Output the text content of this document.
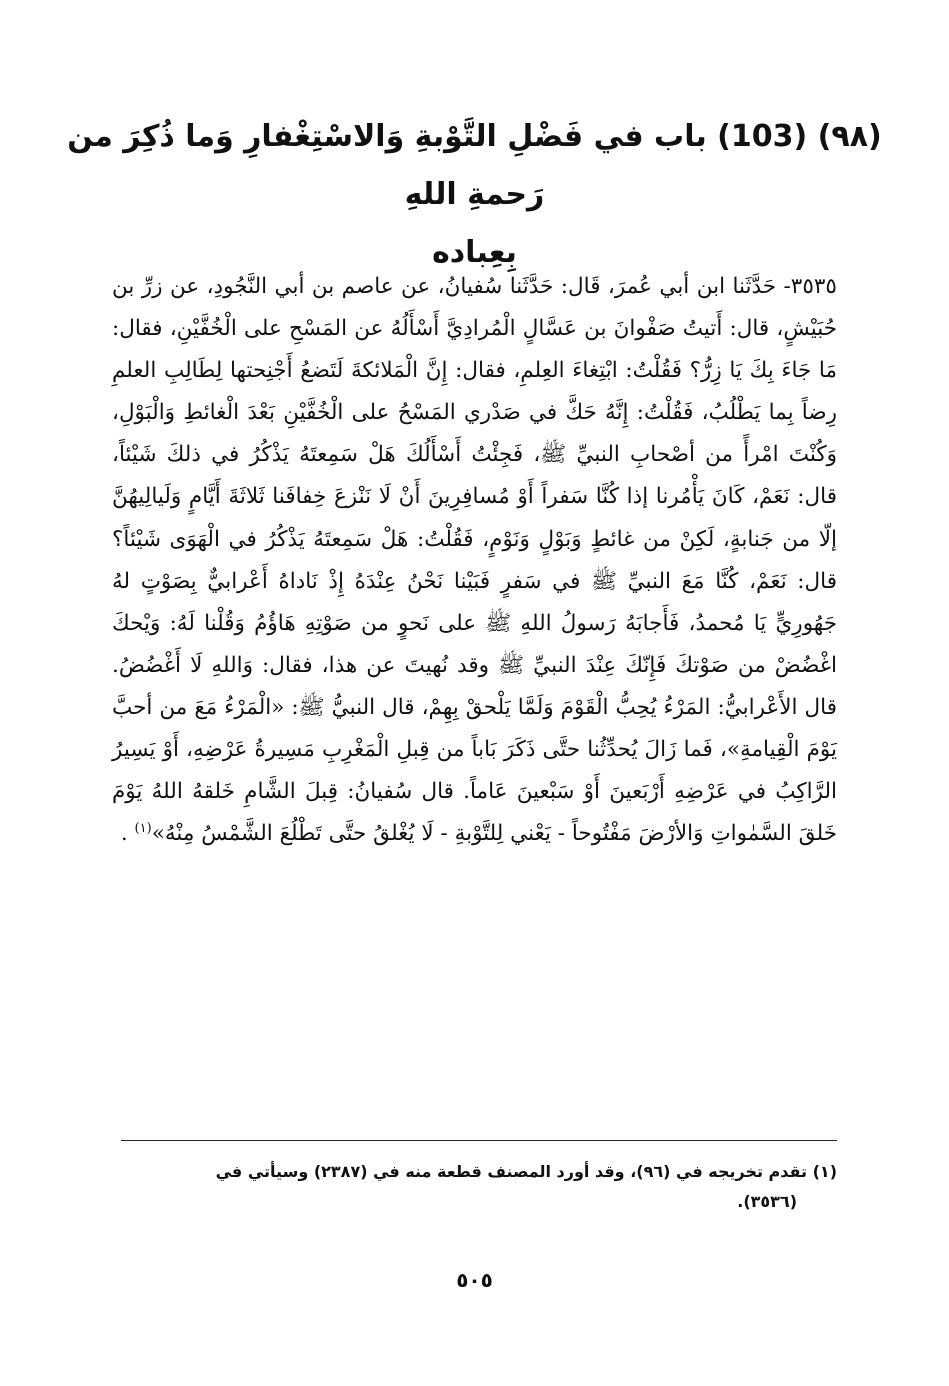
(٩٨) (103) باب في فَضْلِ التَّوْبةِ وَالاسْتِغْفارِ وَما ذُكِرَ من رَحمةِ اللهِ
بِعِباده
٣٥٣٥- حَدَّثَنا ابن أبي عُمرَ، قَال: حَدَّثَنا سُفيانُ، عن عاصم بن أبي النَّجُودِ، عن زرِّ بن حُبَيْشٍ، قال: أَتيتُ صَفْوانَ بن عَسَّالٍ الْمُرادِيَّ أَسْأَلُهُ عن المَسْحِ على الْخُفَّيْنِ، فقال: مَا جَاءَ بِكَ يَا زِرُّ؟ فَقُلْتُ: ابْتِغاءَ العِلمِ، فقال: إِنَّ الْمَلائكةَ لَتَضعُ أَجْنِحتها لِطَالِبِ العلمِ رِضاً بِما يَطْلُبُ، فَقُلْتُ: إِنَّهُ حَكَّ في صَدْري المَسْحُ على الْخُفَّيْنِ بَعْدَ الْغائطِ وَالْبَوْلِ، وَكُنْتَ امْرأً من أصْحابِ النبيِّ ﷺ، فَجِئْتُ أَسْأَلُكَ هَلْ سَمِعتَهُ يَذْكُرُ في ذلكَ شَيْئاً، قال: نَعَمْ، كَانَ يَأْمُرنا إذا كُنَّا سَفراً أَوْ مُسافِرِينَ أَنْ لَا نَنْزعَ خِفافَنا ثَلاثَةَ أَيَّامٍ وَلَيالِيهُنَّ إلّا من جَنابةٍ، لَكِنْ من غائطٍ وَبَوْلٍ وَنَوْمٍ، فَقُلْتُ: هَلْ سَمِعتَهُ يَذْكُرُ في الْهَوَى شَيْئاً؟ قال: نَعَمْ، كُنَّا مَعَ النبيِّ ﷺ في سَفرٍ فَبَيْنا نَحْنُ عِنْدَهُ إِذْ نَاداهُ أَعْرابيٌّ بِصَوْتٍ لهُ جَهُورِيٍّ يَا مُحمدُ، فَأَجابَهُ رَسولُ اللهِ ﷺ على نَحوٍ من صَوْتِهِ هَاؤُمُ وَقُلْنا لَهُ: وَيْحكَ اغْضُضْ من صَوْتكَ فَإِنّكَ عِنْدَ النبيِّ ﷺ وقد نُهيتَ عن هذا، فقال: وَاللهِ لَا أَغْضُضُ. قال الأَعْرابيُّ: المَرْءُ يُحِبُّ الْقَوْمَ وَلَمَّا يَلْحقْ بِهِمْ، قال النبيُّ ﷺ: «الْمَرْءُ مَعَ من أحبَّ يَوْمَ الْقِيامةِ»، فَما زَالَ يُحدِّثُنا حتَّى ذَكَرَ بَاباً من قِبلِ الْمَغْرِبِ مَسِيرةُ عَرْضِهِ، أَوْ يَسِيرُ الرَّاكِبُ في عَرْضِهِ أَرْبَعينَ أَوْ سَبْعينَ عَاماً. قال سُفيانُ: قِبلَ الشَّامِ خَلقهُ اللهُ يَوْمَ خَلقَ السَّمٰواتِ وَالأرْضَ مَفْتُوحاً - يَعْني لِلتَّوْبةِ - لَا يُغْلقُ حتَّى تَطْلُعَ الشَّمْسُ مِنْهُ»$^{(١)}$ .
(١) تقدم تخريجه في (٩٦)، وقد أورد المصنف قطعة منه في (٢٣٨٧) وسيأتي في
(٣٥٣٦).
٥٠٥
